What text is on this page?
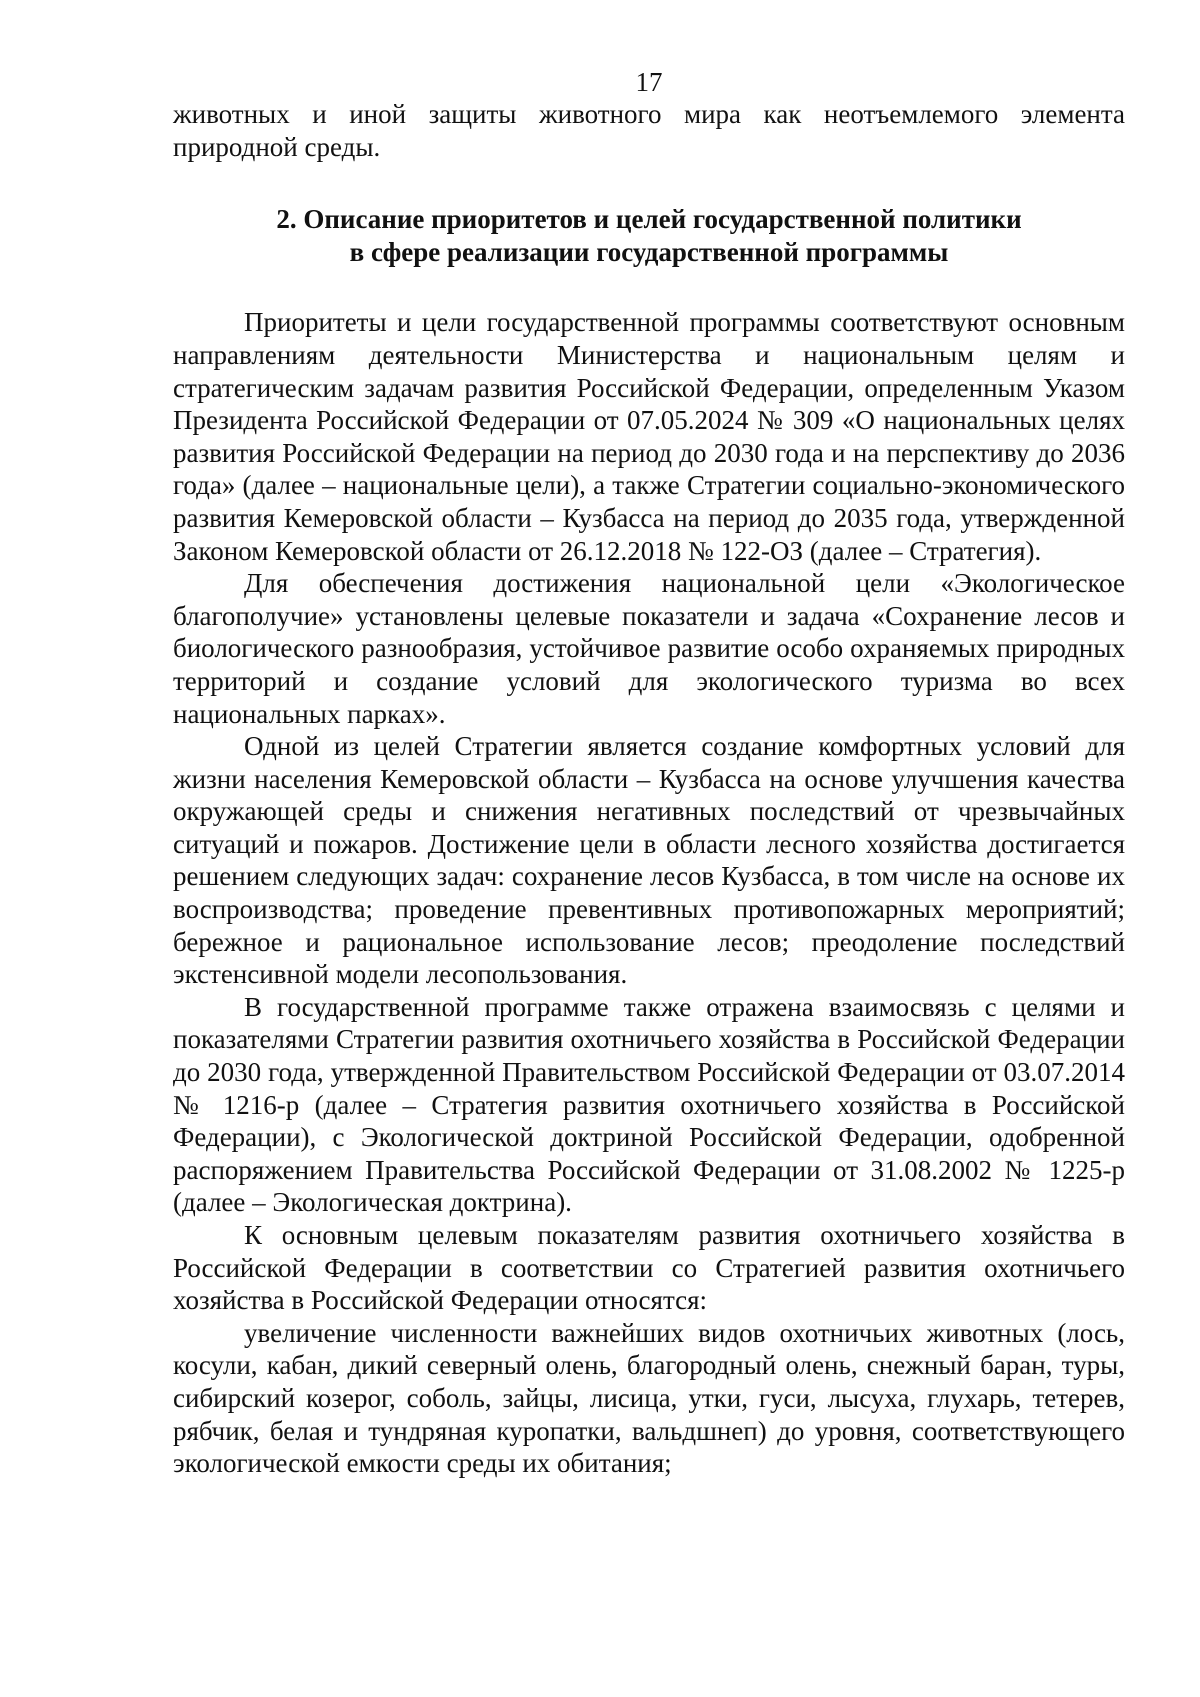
17

животных и иной защиты животного мира как неотъемлемого элемента природной среды.

2. Описание приоритетов и целей государственной политики
в сфере реализации государственной программы

Приоритеты и цели государственной программы соответствуют основным направлениям деятельности Министерства и национальным целям и стратегическим задачам развития Российской Федерации, определенным Указом Президента Российской Федерации от 07.05.2024 № 309 «О национальных целях развития Российской Федерации на период до 2030 года и на перспективу до 2036 года» (далее – национальные цели), а также Стратегии социально-экономического развития Кемеровской области – Кузбасса на период до 2035 года, утвержденной Законом Кемеровской области от 26.12.2018 № 122-ОЗ (далее – Стратегия).

Для обеспечения достижения национальной цели «Экологическое благополучие» установлены целевые показатели и задача «Сохранение лесов и биологического разнообразия, устойчивое развитие особо охраняемых природных территорий и создание условий для экологического туризма во всех национальных парках».

Одной из целей Стратегии является создание комфортных условий для жизни населения Кемеровской области – Кузбасса на основе улучшения качества окружающей среды и снижения негативных последствий от чрезвычайных ситуаций и пожаров. Достижение цели в области лесного хозяйства достигается решением следующих задач: сохранение лесов Кузбасса, в том числе на основе их воспроизводства; проведение превентивных противопожарных мероприятий; бережное и рациональное использование лесов; преодоление последствий экстенсивной модели лесопользования.

В государственной программе также отражена взаимосвязь с целями и показателями Стратегии развития охотничьего хозяйства в Российской Федерации до 2030 года, утвержденной Правительством Российской Федерации от 03.07.2014 № 1216-р (далее – Стратегия развития охотничьего хозяйства в Российской Федерации), с Экологической доктриной Российской Федерации, одобренной распоряжением Правительства Российской Федерации от 31.08.2002 № 1225-р (далее – Экологическая доктрина).

К основным целевым показателям развития охотничьего хозяйства в Российской Федерации в соответствии со Стратегией развития охотничьего хозяйства в Российской Федерации относятся:

увеличение численности важнейших видов охотничьих животных (лось, косули, кабан, дикий северный олень, благородный олень, снежный баран, туры, сибирский козерог, соболь, зайцы, лисица, утки, гуси, лысуха, глухарь, тетерев, рябчик, белая и тундряная куропатки, вальдшнеп) до уровня, соответствующего экологической емкости среды их обитания;
